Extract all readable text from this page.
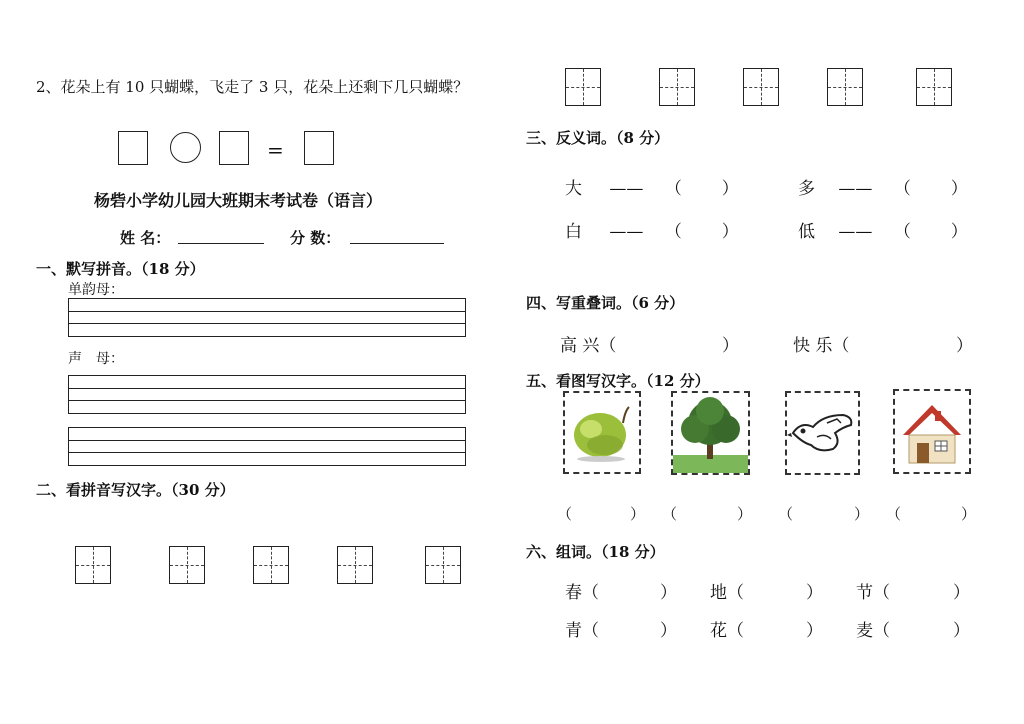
2、花朵上有 10 只蝴蝶，飞走了 3 只，花朵上还剩下几只蝴蝶？
=
杨砦小学幼儿园大班期末考试卷（语言）
姓 名：	分 数：
一、默写拼音。（18 分）
单韵母：
声　母：
二、看拼音写汉字。（30 分）
三、反义词。（8 分）
大 —— （　　）	多 —— （　　）
白 —— （　　）	低 —— （　　）
四、写重叠词。（6 分）
高 兴（	）	快 乐（	）
五、看图写汉字。（12 分）
（	） （	） （	） （	）
六、组词。（18 分）
春（	） 地（	） 节（	）
青（	） 花（	） 麦（	）
